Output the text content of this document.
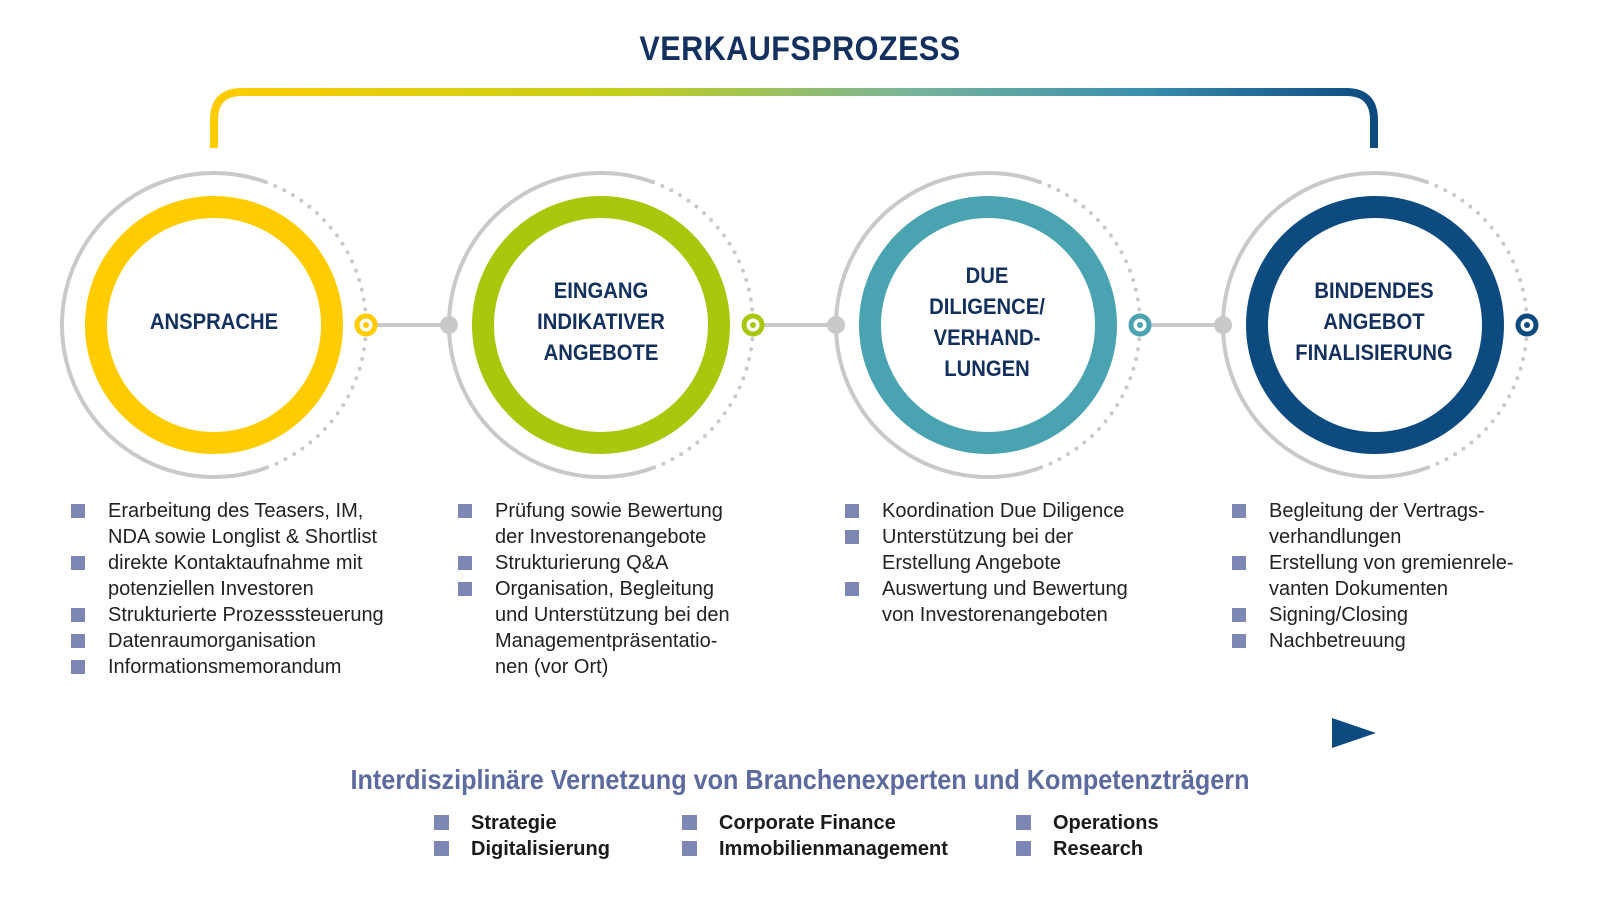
VERKAUFSPROZESS
ANSPRACHE
EINGANG
INDIKATIVER
ANGEBOTE
DUE
DILIGENCE/
VERHAND-
LUNGEN
BINDENDES
ANGEBOT
FINALISIERUNG
Erarbeitung des Teasers, IM,
NDA sowie Longlist & Shortlist
direkte Kontaktaufnahme mit
potenziellen Investoren
Strukturierte Prozesssteuerung
Datenraumorganisation
Informationsmemorandum
Prüfung sowie Bewertung
der Investorenangebote
Strukturierung Q&A
Organisation, Begleitung
und Unterstützung bei den
Managementpräsentatio-
nen (vor Ort)
Koordination Due Diligence
Unterstützung bei der
Erstellung Angebote
Auswertung und Bewertung
von Investorenangeboten
Begleitung der Vertrags-
verhandlungen
Erstellung von gremienrele-
vanten Dokumenten
Signing/Closing
Nachbetreuung
Interdisziplinäre Vernetzung von Branchenexperten und Kompetenzträgern
Strategie
Digitalisierung
Corporate Finance
Immobilienmanagement
Operations
Research
